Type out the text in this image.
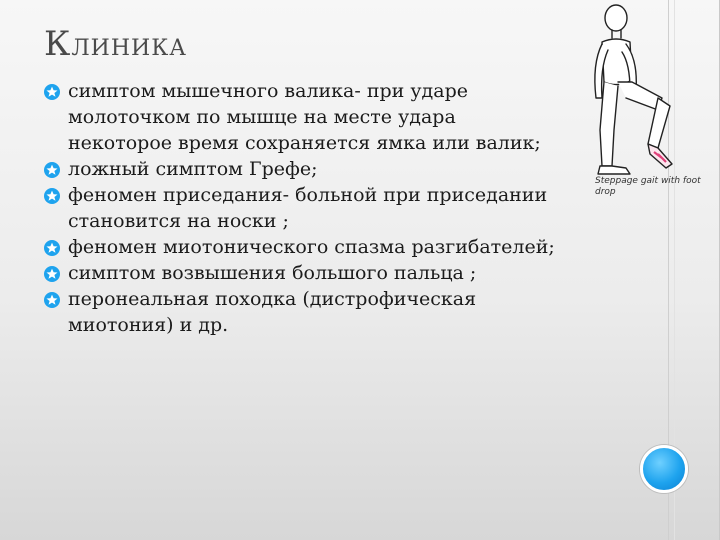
КЛИНИКА
симптом мышечного валика- при ударе молоточком по мышце на месте удара некоторое время сохраняется ямка или валик;
ложный симптом Грефе;
феномен приседания- больной при приседании становится на носки ;
феномен миотонического спазма разгибателей;
симптом возвышения большого пальца ;
перонеальная походка (дистрофическая миотония) и др.
Steppage gait with foot drop
